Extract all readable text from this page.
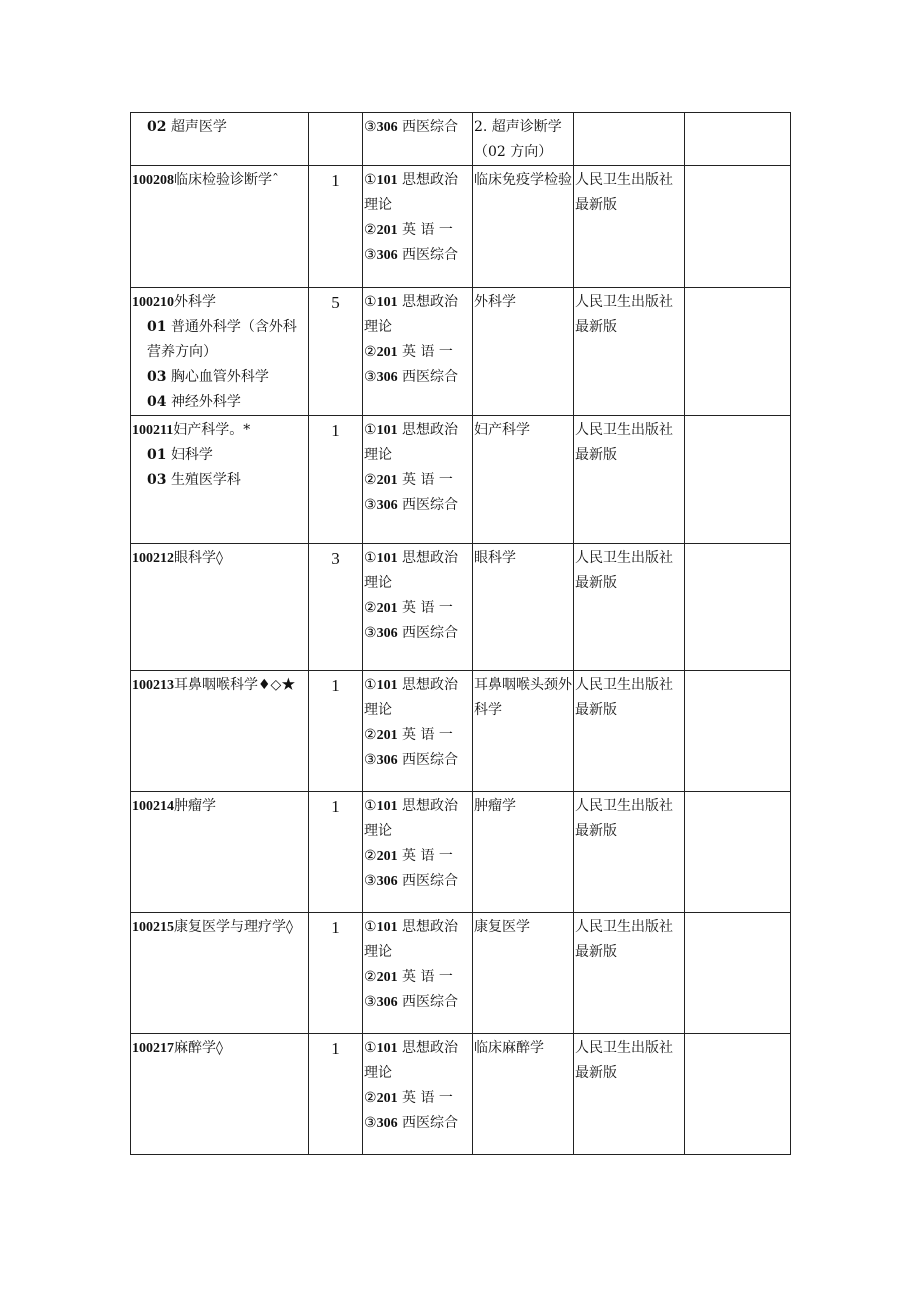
02 超声医学		③306 西医综合	2. 超声诊断学（02 方向）		

100208临床检验诊断学ˆ	1	①101 思想政治理论
②201 英 语 一
③306 西医综合	临床免疫学检验	人民卫生出版社最新版	

100210外科学
01 普通外科学（含外科营养方向）
03 胸心血管外科学
04 神经外科学	5	①101 思想政治理论
②201 英 语 一
③306 西医综合	外科学	人民卫生出版社最新版	

100211妇产科学。*
01 妇科学
03 生殖医学科	1	①101 思想政治理论
②201 英 语 一
③306 西医综合	妇产科学	人民卫生出版社最新版	

100212眼科学◊	3	①101 思想政治理论
②201 英 语 一
③306 西医综合	眼科学	人民卫生出版社最新版	

100213耳鼻咽喉科学♦◇★	1	①101 思想政治理论
②201 英 语 一
③306 西医综合	耳鼻咽喉头颈外科学	人民卫生出版社最新版	

100214肿瘤学	1	①101 思想政治理论
②201 英 语 一
③306 西医综合	肿瘤学	人民卫生出版社最新版	

100215康复医学与理疗学◊	1	①101 思想政治理论
②201 英 语 一
③306 西医综合	康复医学	人民卫生出版社最新版	

100217麻醉学◊	1	①101 思想政治理论
②201 英 语 一
③306 西医综合	临床麻醉学	人民卫生出版社最新版	
